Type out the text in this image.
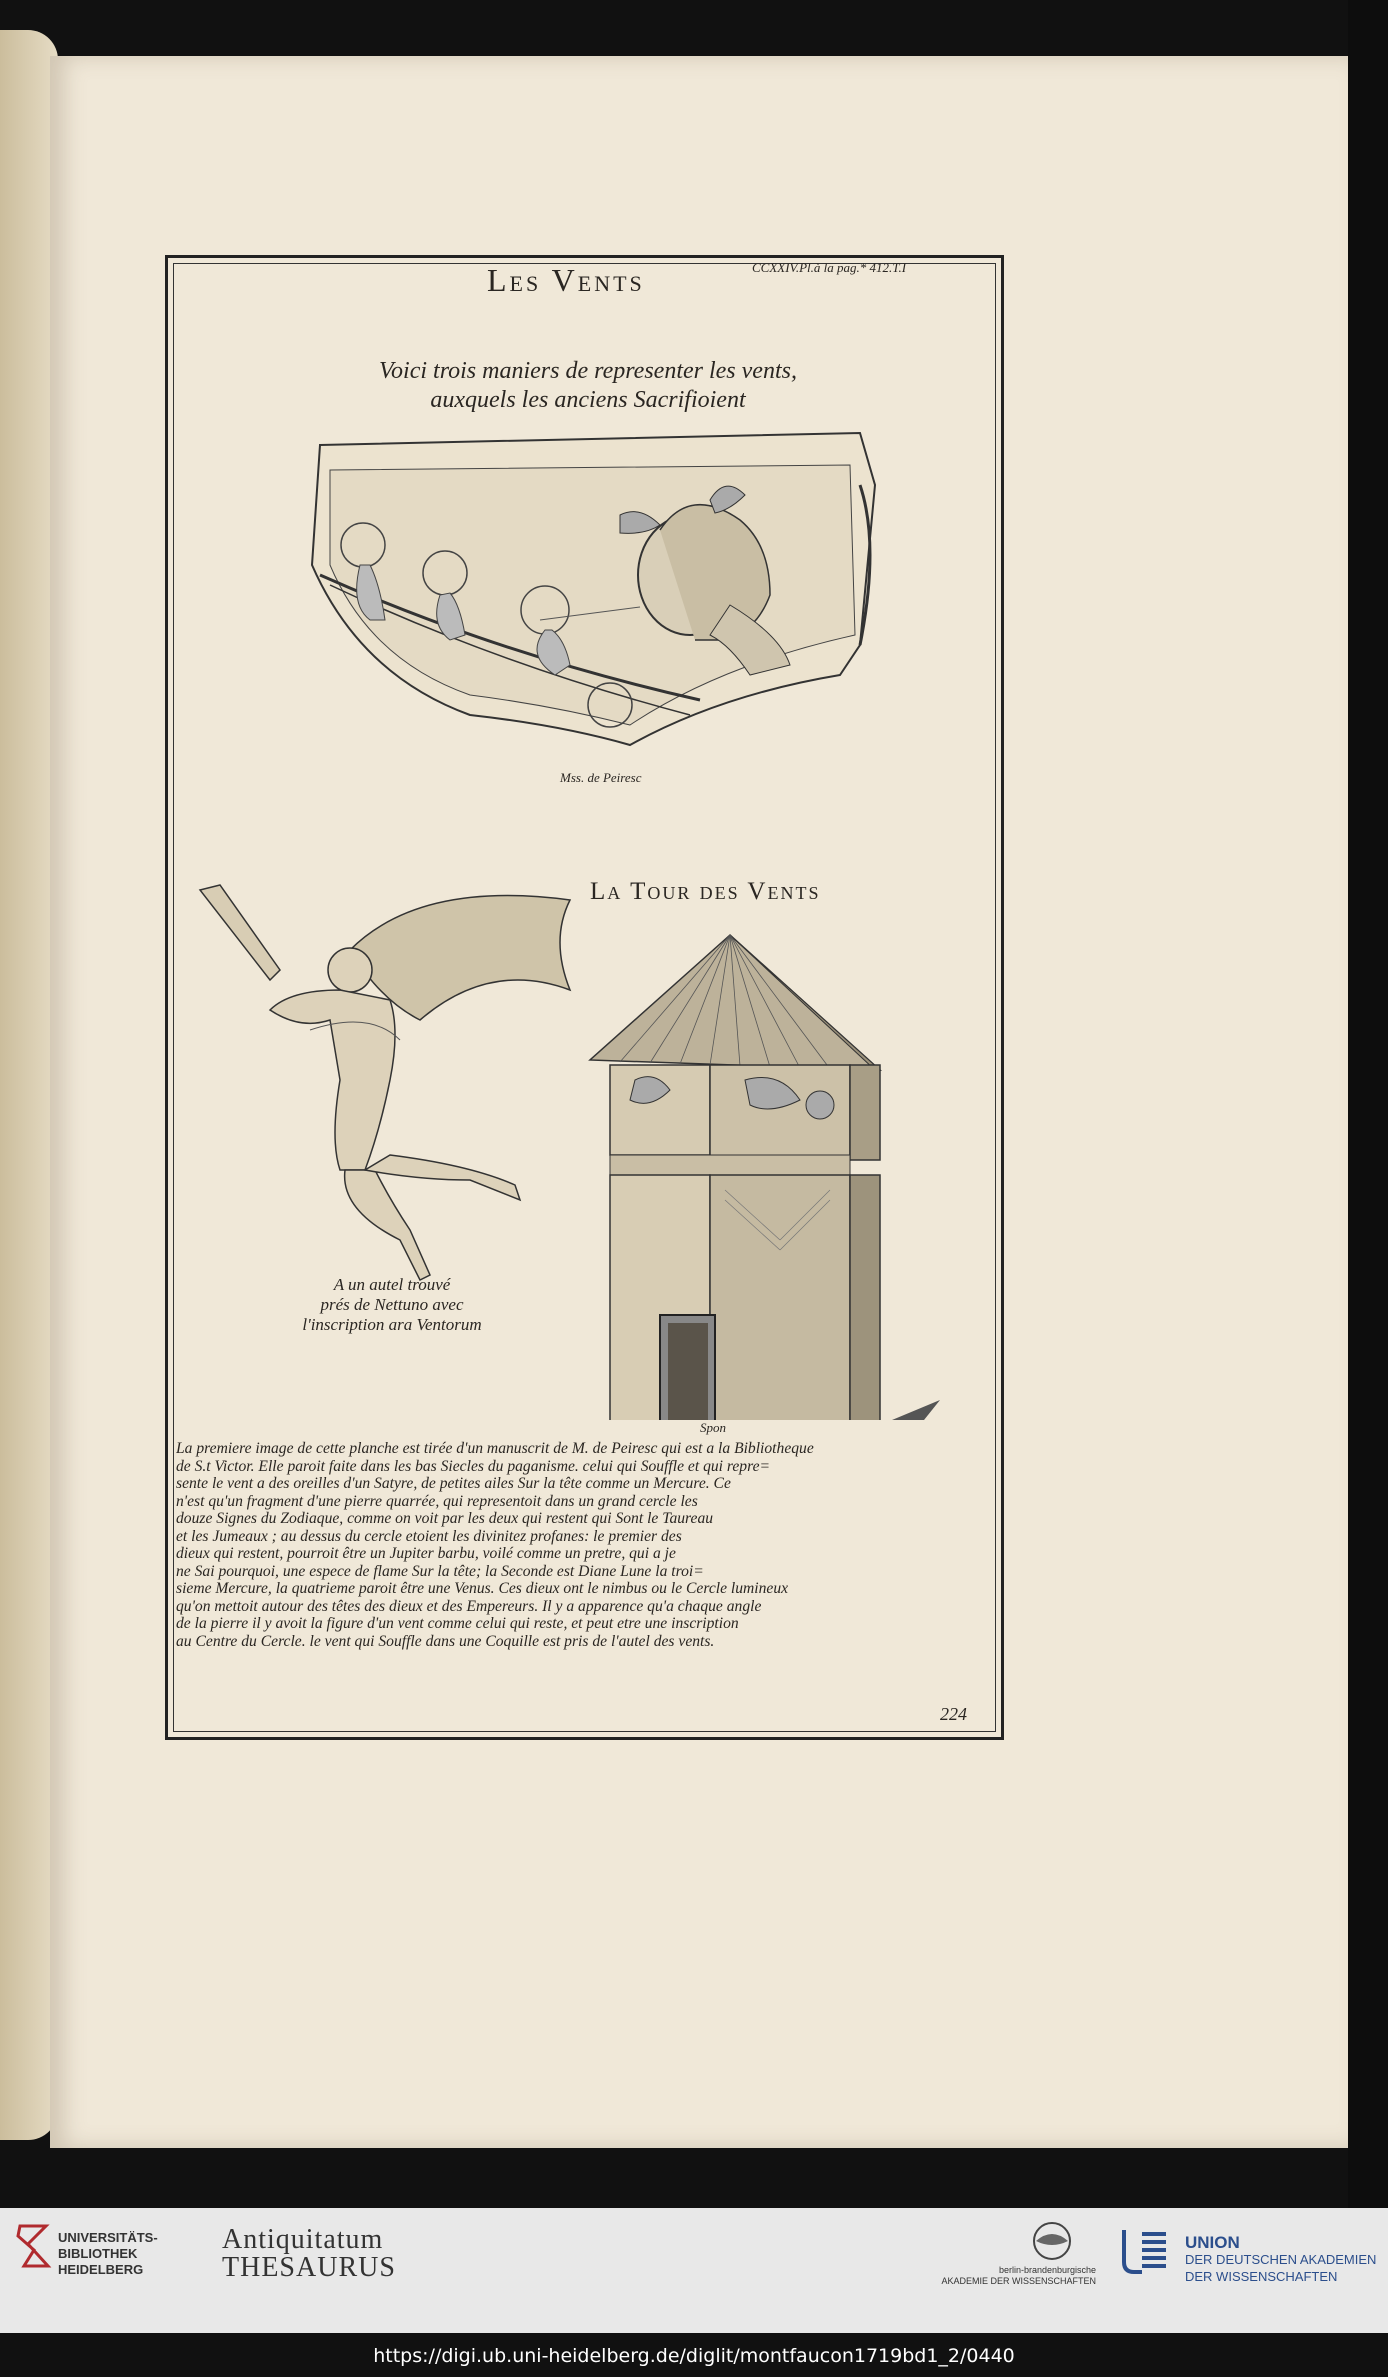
Les Vents	CCXXIV.Pl.à la pag.* 412.T.I
Voici trois maniers de representer les vents,
auxquels les anciens Sacrifioient
Mss. de Peiresc
La Tour des Vents
A un autel trouvé
prés de Nettuno avec
l'inscription ara Ventorum
Spon
La premiere image de cette planche est tirée d'un manuscrit de M. de Peiresc qui est a la Bibliotheque
de S.t Victor. Elle paroit faite dans les bas Siecles du paganisme. celui qui Souffle et qui repre=
sente le vent a des oreilles d'un Satyre, de petites ailes Sur la tête comme un Mercure. Ce
n'est qu'un fragment d'une pierre quarrée, qui representoit dans un grand cercle les
douze Signes du Zodiaque, comme on voit par les deux qui restent qui Sont le Taureau
et les Jumeaux ; au dessus du cercle etoient les divinitez profanes: le premier des
dieux qui restent, pourroit être un Jupiter barbu, voilé comme un pretre, qui a je
ne Sai pourquoi, une espece de flame Sur la tête; la Seconde est Diane Lune la troi=
sieme Mercure, la quatrieme paroit être une Venus. Ces dieux ont le nimbus ou le Cercle lumineux
qu'on mettoit autour des têtes des dieux et des Empereurs. Il y a apparence qu'a chaque angle
de la pierre il y avoit la figure d'un vent comme celui qui reste, et peut etre une inscription
au Centre du Cercle. le vent qui Souffle dans une Coquille est pris de l'autel des vents.
224
UNIVERSITÄTS-
BIBLIOTHEK
HEIDELBERG
Antiquitatum
THESAURUS	berlin-brandenburgische
AKADEMIE DER WISSENSCHAFTEN
UNION
DER DEUTSCHEN AKADEMIEN
DER WISSENSCHAFTEN
https://digi.ub.uni-heidelberg.de/diglit/montfaucon1719bd1_2/0440
